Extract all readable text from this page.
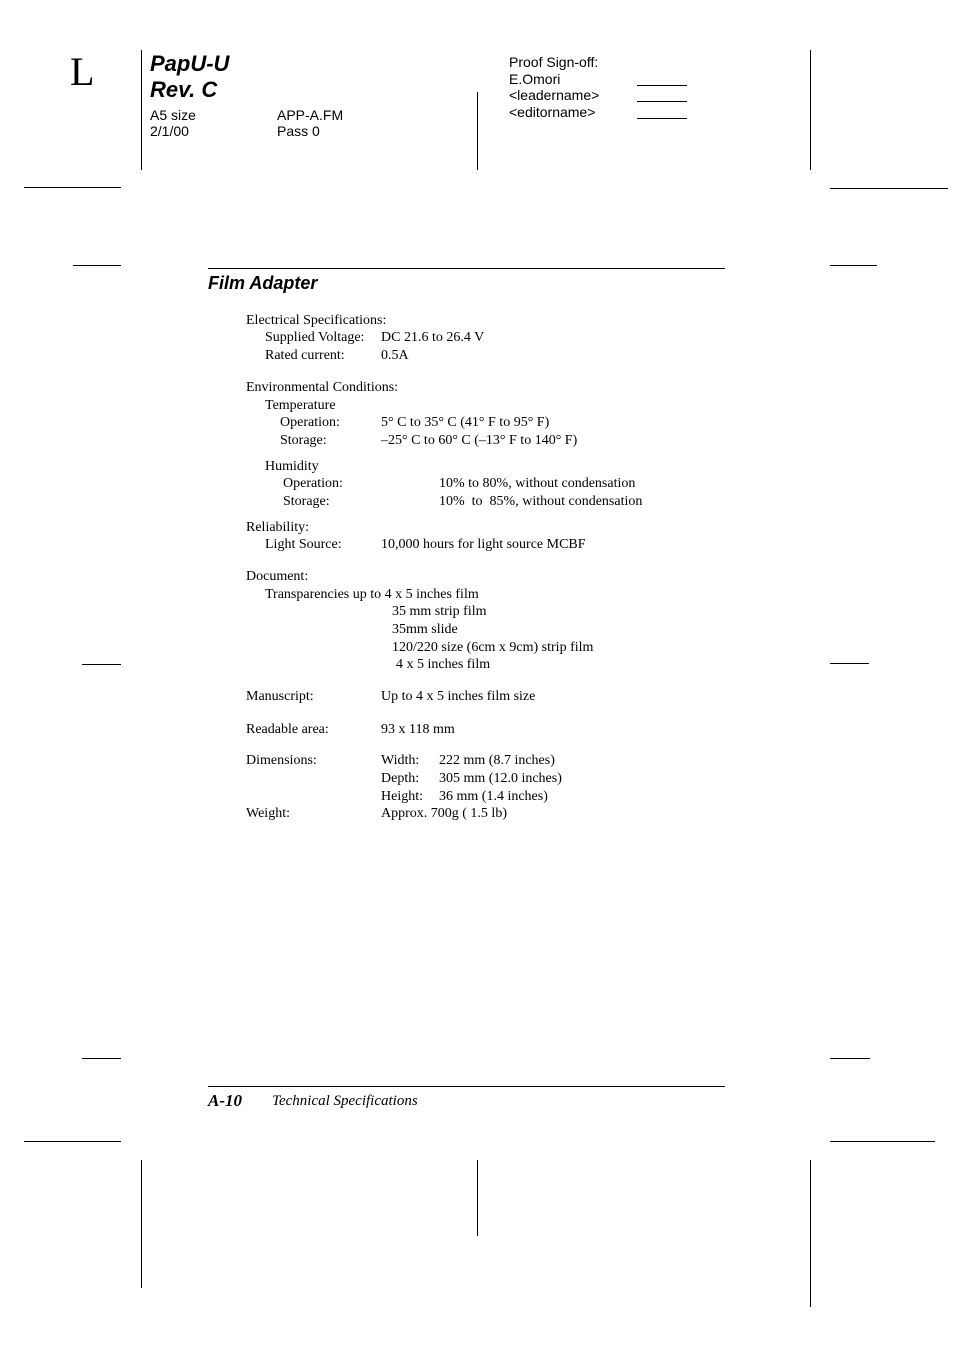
L	PapU-U
Rev. C
A5 size	APP-A.FM
2/1/00	Pass 0
Proof Sign-off:
E.Omori
<leadername>
<editorname>
Film Adapter
Electrical Specifications:
Supplied Voltage: DC 21.6 to 26.4 V
Rated current:	0.5A
Environmental Conditions:
Temperature
Operation:	5° C to 35° C (41° F to 95° F)
Storage:	–25° C to 60° C (–13° F to 140° F)
Humidity
Operation:	10% to 80%, without condensation
Storage:	10%  to  85%, without condensation
Reliability:
Light Source:	10,000 hours for light source MCBF
Document:
Transparencies up to 4 x 5 inches film
35 mm strip film
35mm slide
120/220 size (6cm x 9cm) strip film
4 x 5 inches film
Manuscript:	Up to 4 x 5 inches film size
Readable area:	93 x 118 mm
Dimensions:	Width: 222 mm (8.7 inches)
Depth: 305 mm (12.0 inches)
Height: 36 mm (1.4 inches)
Weight:	Approx. 700g ( 1.5 lb)
A-10 Technical Specifications
